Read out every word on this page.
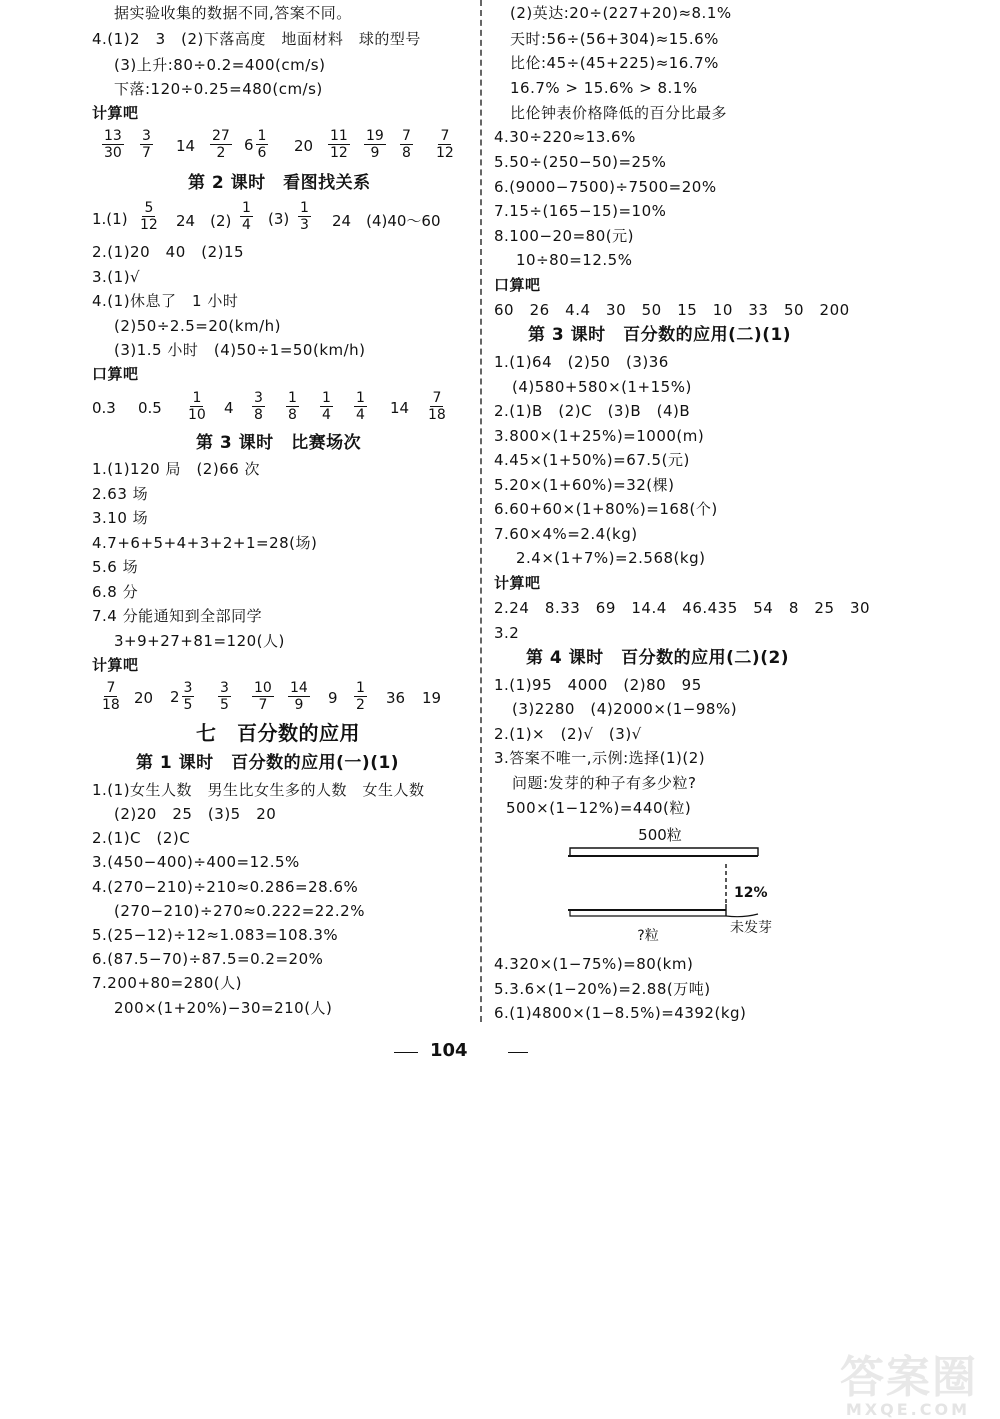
据实验收集的数据不同,答案不同。
4.(1)2　3　(2)下落高度　地面材料　球的型号
(3)上升:80÷0.2=400(cm/s)
下落:120÷0.25=480(cm/s)
计算吧
$\frac{13}{30} \frac{3}{7} 14 \frac{27}{2} 6 \frac{1}{6} 20 \frac{11}{12} \frac{19}{9} \frac{7}{8} \frac{7}{12}$
第 2 课时　看图找关系
$1.(1) \frac{5}{12} 24$　$(2) \frac{1}{4} (3) \frac{1}{3} 24$　(4)40～60
2.(1)20　40　(2)15
3.(1)√
4.(1)休息了　1 小时
(2)50÷2.5=20(km/h)
(3)1.5 小时　(4)50÷1=50(km/h)
口算吧
0.3 $0.5 \frac{1}{10} 4 \frac{3}{8} \frac{1}{8} \frac{1}{4} \frac{1}{4} 14 \frac{7}{18}$
第 3 课时　比赛场次
1.(1)120 局　(2)66 次
2.63 场
3.10 场
4.7+6+5+4+3+2+1=28(场)
5.6 场
6.8 分
7.4 分能通知到全部同学
3+9+27+81=120(人)
计算吧
$\frac{7}{18} 20$ $2 \frac{3}{5} \frac{3}{5} \frac{10}{7} \frac{14}{9} 9 \frac{1}{2} 36$ 19
七　百分数的应用
第 1 课时　百分数的应用(一)(1)
1.(1)女生人数　男生比女生多的人数　女生人数
(2)20　25　(3)5　20
2.(1)C　(2)C
3.(450−400)÷400=12.5%
4.(270−210)÷210≈0.286=28.6%
(270−210)÷270≈0.222=22.2%
5.(25−12)÷12≈1.083=108.3%
6.(87.5−70)÷87.5=0.2=20%
7.200+80=280(人)
200×(1+20%)−30=210(人)
(2)英达:20÷(227+20)≈8.1%
天时:56÷(56+304)≈15.6%
比伦:45÷(45+225)≈16.7%
16.7% > 15.6% > 8.1%
比伦钟表价格降低的百分比最多
4.30÷220≈13.6%
5.50÷(250−50)=25%
6.(9000−7500)÷7500=20%
7.15÷(165−15)=10%
8.100−20=80(元)
10÷80=12.5%
口算吧
60　26　4.4　30　50　15　10　33　50　200
第 3 课时　百分数的应用(二)(1)
1.(1)64　(2)50　(3)36
(4)580+580×(1+15%)
2.(1)B　(2)C　(3)B　(4)B
3.800×(1+25%)=1000(m)
4.45×(1+50%)=67.5(元)
5.20×(1+60%)=32(棵)
6.60+60×(1+80%)=168(个)
7.60×4%=2.4(kg)
2.4×(1+7%)=2.568(kg)
计算吧
2.24　8.33　69　14.4　46.435　54　8　25　30
3.2
第 4 课时　百分数的应用(二)(2)
1.(1)95　4000　(2)80　95
(3)2280　(4)2000×(1−98%)
2.(1)×　(2)√　(3)√
3.答案不唯一,示例:选择(1)(2)
问题:发芽的种子有多少粒?
500×(1−12%)=440(粒)
500粒
12%
未发芽
?粒
4.320×(1−75%)=80(km)
5.3.6×(1−20%)=2.88(万吨)
6.(1)4800×(1−8.5%)=4392(kg)
104
答案圈
MXQE.COM
